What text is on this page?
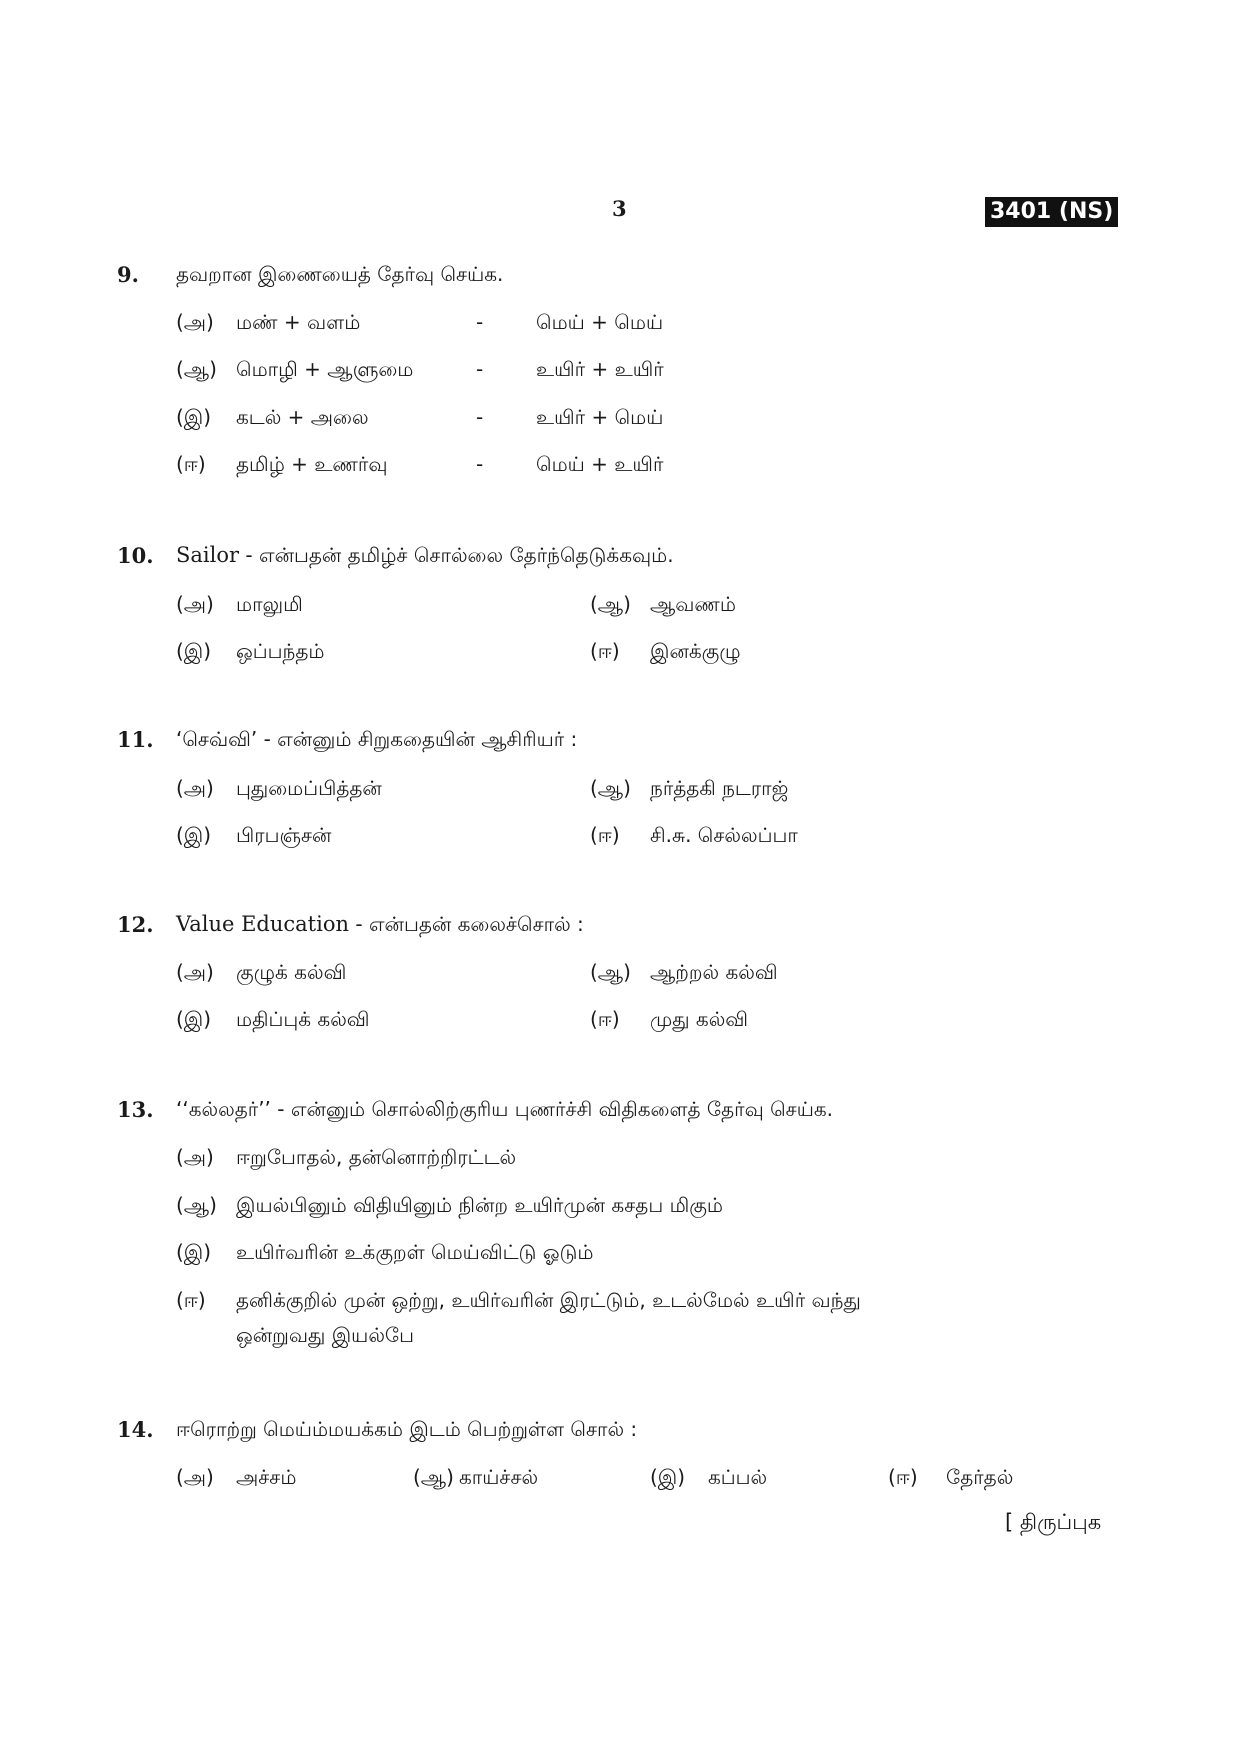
3	3401 (NS)
9. தவறான இணையைத் தேர்வு செய்க.
(அ) மண் + வளம்	-	மெய் + மெய்
(ஆ) மொழி + ஆளுமை	-	உயிர் + உயிர்
(இ) கடல் + அலை	-	உயிர் + மெய்
(ஈ) தமிழ் + உணர்வு	-	மெய் + உயிர்
10. Sailor - என்பதன் தமிழ்ச் சொல்லை தேர்ந்தெடுக்கவும்.
(அ) மாலுமி	(ஆ) ஆவணம்
(இ) ஒப்பந்தம்	(ஈ) இனக்குழு
11. ‘செவ்வி’ - என்னும் சிறுகதையின் ஆசிரியர் :
(அ) புதுமைப்பித்தன்	(ஆ) நர்த்தகி நடராஜ்
(இ) பிரபஞ்சன்	(ஈ) சி.சு. செல்லப்பா
12. Value Education - என்பதன் கலைச்சொல் :
(அ) குழுக் கல்வி	(ஆ) ஆற்றல் கல்வி
(இ) மதிப்புக் கல்வி	(ஈ) முது கல்வி
13. ‘‘கல்லதர்’’ - என்னும் சொல்லிற்குரிய புணர்ச்சி விதிகளைத் தேர்வு செய்க.
(அ) ஈறுபோதல், தன்னொற்றிரட்டல்
(ஆ) இயல்பினும் விதியினும் நின்ற உயிர்முன் கசதப மிகும்
(இ) உயிர்வரின் உக்குறள் மெய்விட்டு ஓடும்
(ஈ) தனிக்குறில் முன் ஒற்று, உயிர்வரின் இரட்டும், உடல்மேல் உயிர் வந்து
ஒன்றுவது இயல்பே
14. ஈரொற்று மெய்ம்மயக்கம் இடம் பெற்றுள்ள சொல் :
(அ) அச்சம்	(ஆ) காய்ச்சல்	(இ) கப்பல்	(ஈ) தேர்தல்
[ திருப்புக
